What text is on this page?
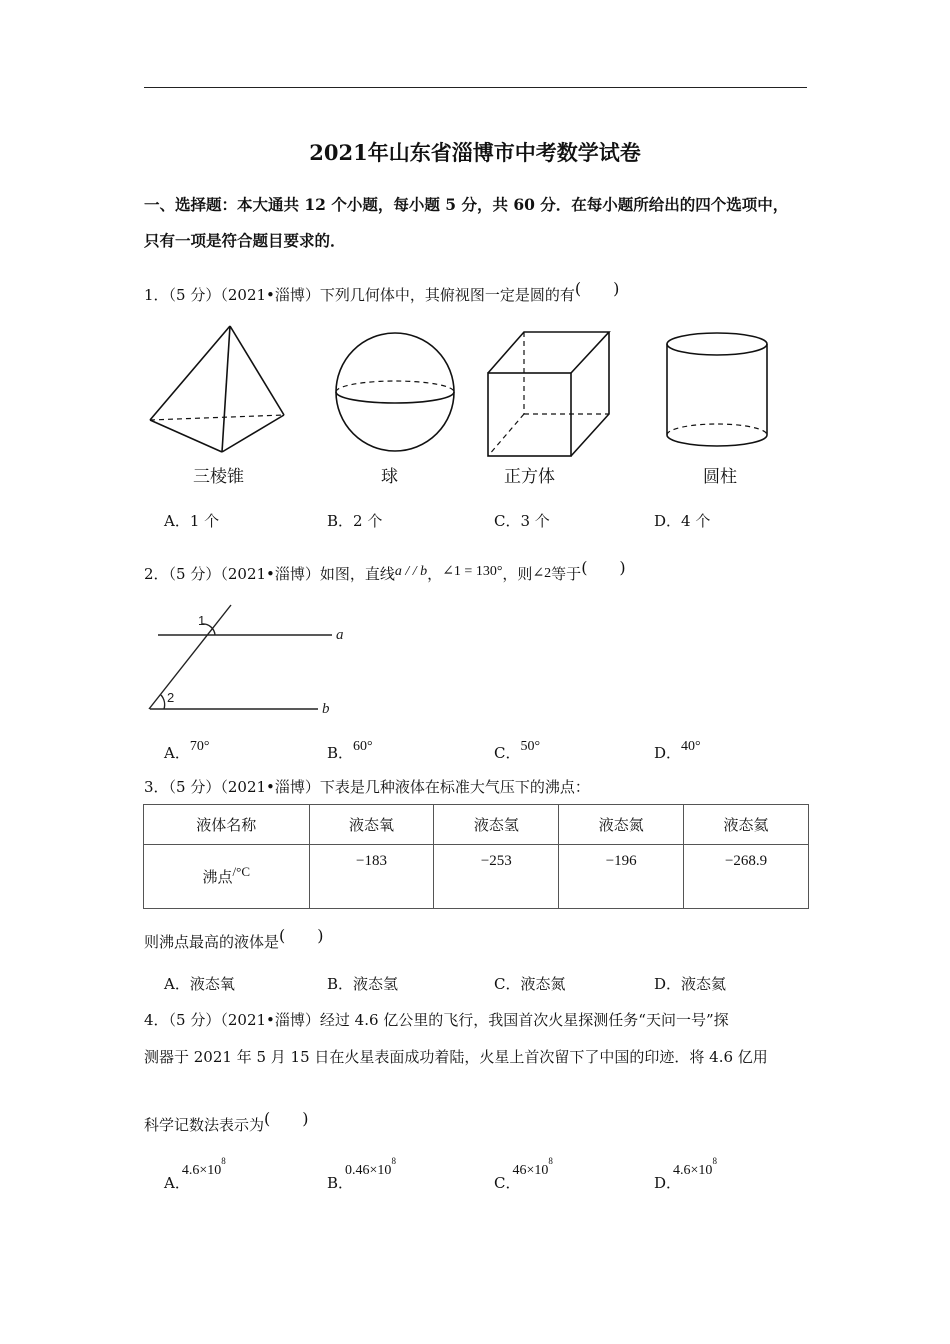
2021年山东省淄博市中考数学试卷
一、选择题：本大通共 12 个小题，每小题 5 分，共 60 分．在每小题所给出的四个选项中，
只有一项是符合题目要求的．
1．（5 分）（2021•淄博）下列几何体中，其俯视图一定是圆的有(　　)
三棱锥	球	正方体	圆柱
A．1 个	B．2 个	C．3 个	D．4 个
2．（5 分）（2021•淄博）如图，直线a / / b，∠1 = 130°，则∠2等于(　　)
1
2
a
b
A．70°	B．60°	C．50°	D．40°
3．（5 分）（2021•淄博）下表是几种液体在标准大气压下的沸点：
液体名称	液态氧	液态氢	液态氮	液态氦
沸点/°C	−183	−253	−196	−268.9
则沸点最高的液体是(　　)
A．液态氧	B．液态氢	C．液态氮	D．液态氦
4．（5 分）（2021•淄博）经过 4.6 亿公里的飞行，我国首次火星探测任务“天问一号”探
测器于 2021 年 5 月 15 日在火星表面成功着陆，火星上首次留下了中国的印迹．将 4.6 亿用
科学记数法表示为(　　)
A．$4.6\times 10^8$
B．$0.46\times 10^8$
C．$46\times 10^8$
D．$4.6\times 10^8$
